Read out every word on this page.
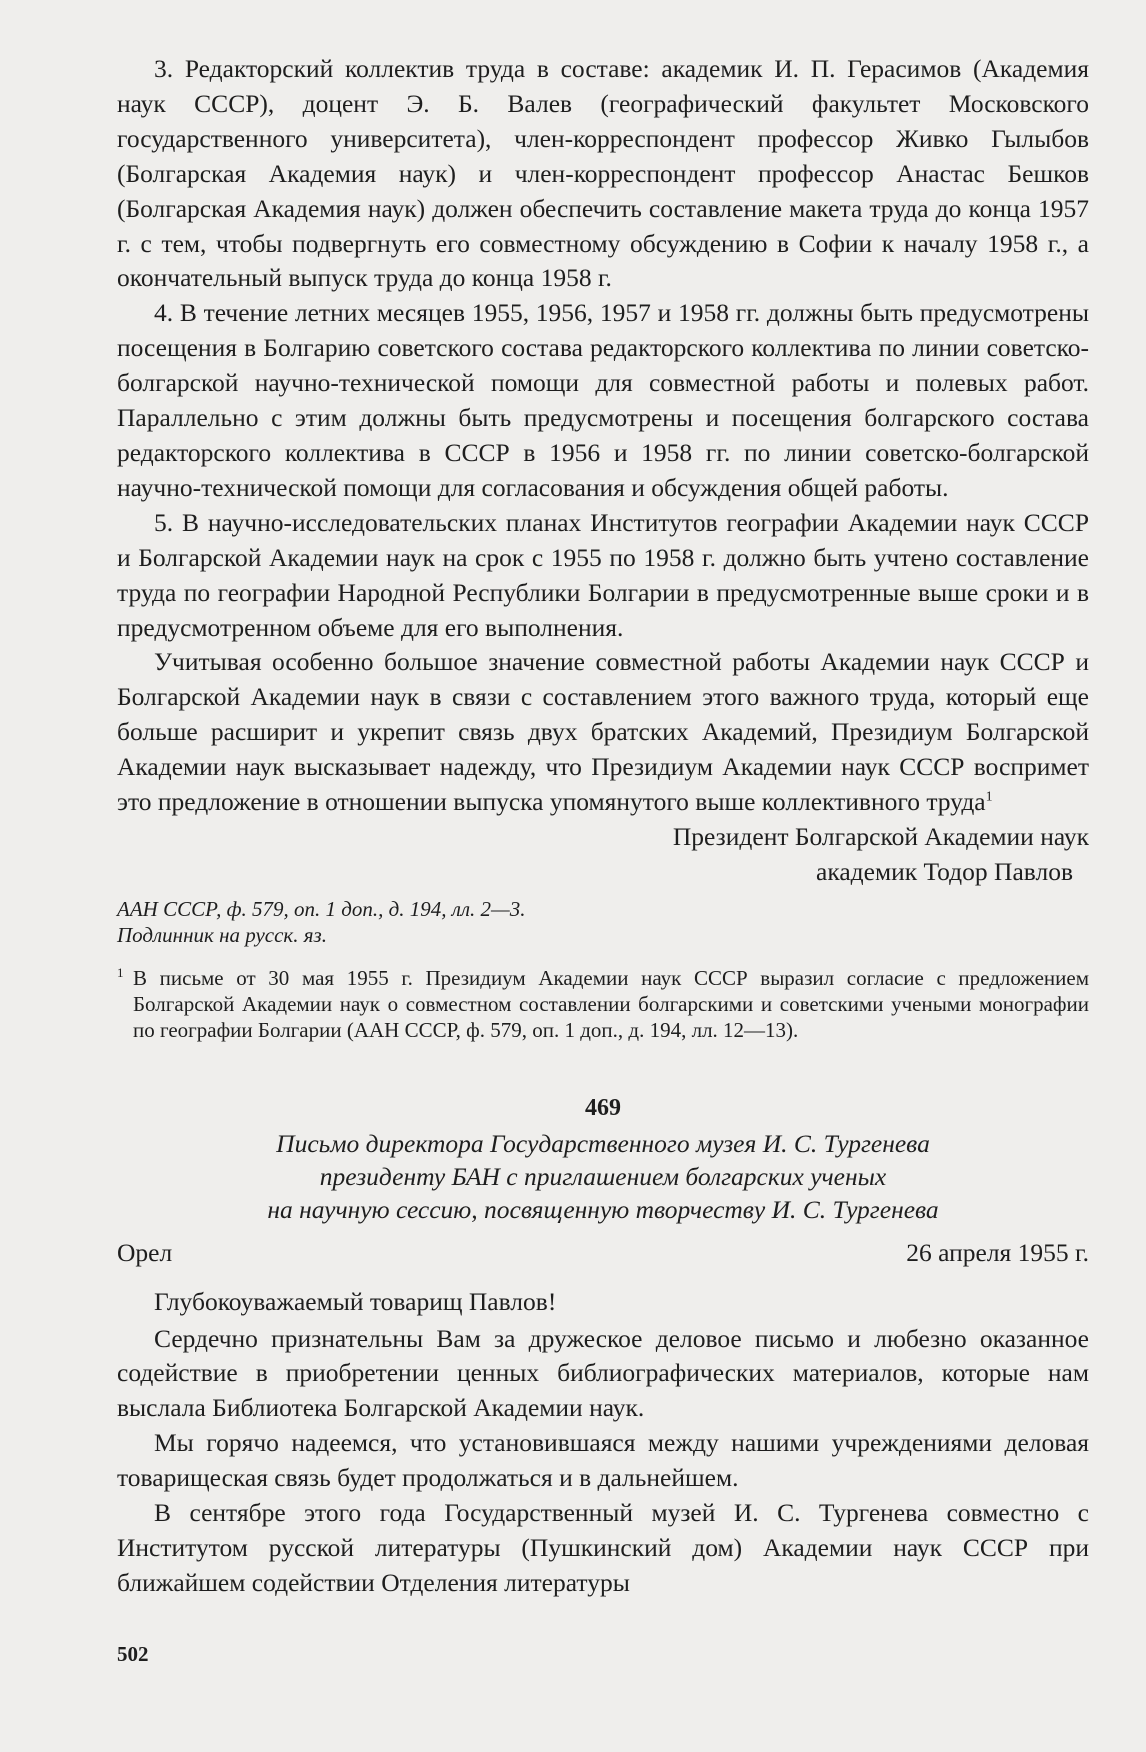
3. Редакторский коллектив труда в составе: академик И. П. Герасимов (Академия наук СССР), доцент Э. Б. Валев (географический факультет Московского государственного университета), член-корреспондент профессор Живко Гылыбов (Болгарская Академия наук) и член-корреспондент профессор Анастас Бешков (Болгарская Академия наук) должен обеспечить составление макета труда до конца 1957 г. с тем, чтобы подвергнуть его совместному обсуждению в Софии к началу 1958 г., а окончательный выпуск труда до конца 1958 г.

4. В течение летних месяцев 1955, 1956, 1957 и 1958 гг. должны быть предусмотрены посещения в Болгарию советского состава редакторского коллектива по линии советско-болгарской научно-технической помощи для совместной работы и полевых работ. Параллельно с этим должны быть предусмотрены и посещения болгарского состава редакторского коллектива в СССР в 1956 и 1958 гг. по линии советско-болгарской научно-технической помощи для согласования и обсуждения общей работы.

5. В научно-исследовательских планах Институтов географии Академии наук СССР и Болгарской Академии наук на срок с 1955 по 1958 г. должно быть учтено составление труда по географии Народной Республики Болгарии в предусмотренные выше сроки и в предусмотренном объеме для его выполнения.

Учитывая особенно большое значение совместной работы Академии наук СССР и Болгарской Академии наук в связи с составлением этого важного труда, который еще больше расширит и укрепит связь двух братских Академий, Президиум Болгарской Академии наук высказывает надежду, что Президиум Академии наук СССР воспримет это предложение в отношении выпуска упомянутого выше коллективного труда$^1$

Президент Болгарской Академии наук

академик Тодор Павлов

ААН СССР, ф. 579, оп. 1 доп., д. 194, лл. 2—3.
Подлинник на русск. яз.

1 В письме от 30 мая 1955 г. Президиум Академии наук СССР выразил согласие с предложением Болгарской Академии наук о совместном составлении болгарскими и советскими учеными монографии по географии Болгарии (ААН СССР, ф. 579, оп. 1 доп., д. 194, лл. 12—13).

469
Письмо директора Государственного музея И. С. Тургенева
президенту БАН с приглашением болгарских ученых
на научную сессию, посвященную творчеству И. С. Тургенева
Орел	26 апреля 1955 г.

Глубокоуважаемый товарищ Павлов!

Сердечно признательны Вам за дружеское деловое письмо и любезно оказанное содействие в приобретении ценных библиографических материалов, которые нам выслала Библиотека Болгарской Академии наук.

Мы горячо надеемся, что установившаяся между нашими учреждениями деловая товарищеская связь будет продолжаться и в дальнейшем.

В сентябре этого года Государственный музей И. С. Тургенева совместно с Институтом русской литературы (Пушкинский дом) Академии наук СССР при ближайшем содействии Отделения литературы

502
